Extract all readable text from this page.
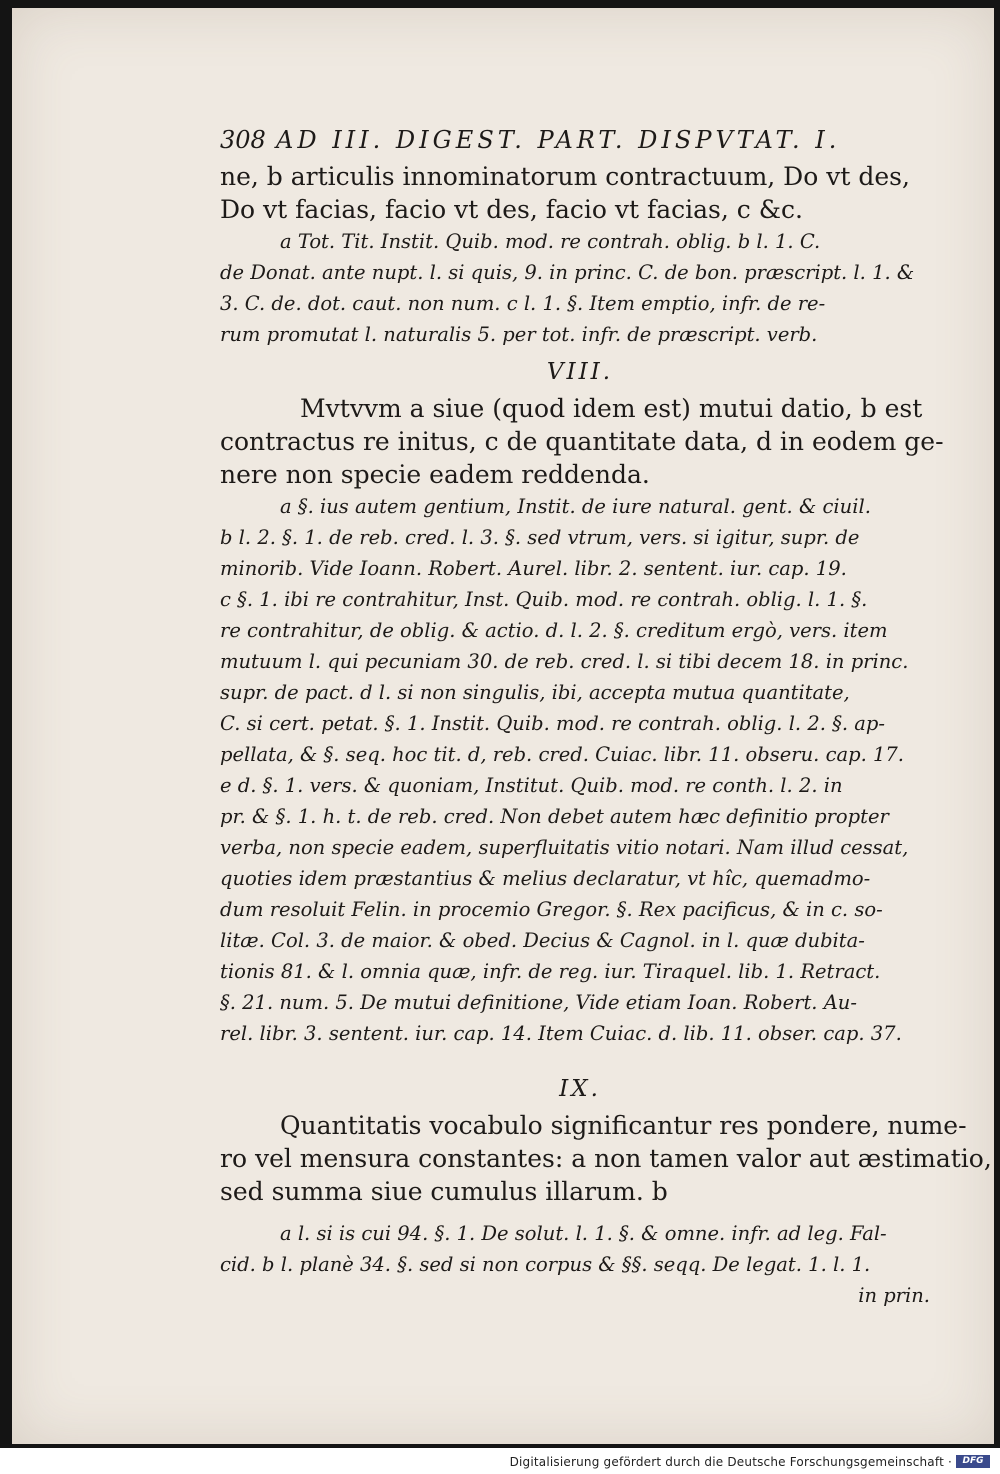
308 AD III. DIGEST. PART. DISPVTAT. I.
ne, b articulis innominatorum contractuum, Do vt des,
Do vt facias, facio vt des, facio vt facias, c &c.
a Tot. Tit. Instit. Quib. mod. re contrah. oblig. b l. 1. C.
de Donat. ante nupt. l. si quis, 9. in princ. C. de bon. præscript. l. 1. &
3. C. de. dot. caut. non num. c l. 1. §. Item emptio, infr. de re-
rum promutat l. naturalis 5. per tot. infr. de præscript. verb.
VIII.
Mvtvvm a siue (quod idem est) mutui datio, b est
contractus re initus, c de quantitate data, d in eodem ge-
nere non specie eadem reddenda.
a §. ius autem gentium, Instit. de iure natural. gent. & ciuil.
b l. 2. §. 1. de reb. cred. l. 3. §. sed vtrum, vers. si igitur, supr. de
minorib. Vide Ioann. Robert. Aurel. libr. 2. sentent. iur. cap. 19.
c §. 1. ibi re contrahitur, Inst. Quib. mod. re contrah. oblig. l. 1. §.
re contrahitur, de oblig. & actio. d. l. 2. §. creditum ergò, vers. item
mutuum l. qui pecuniam 30. de reb. cred. l. si tibi decem 18. in princ.
supr. de pact. d l. si non singulis, ibi, accepta mutua quantitate,
C. si cert. petat. §. 1. Instit. Quib. mod. re contrah. oblig. l. 2. §. ap-
pellata, & §. seq. hoc tit. d, reb. cred. Cuiac. libr. 11. obseru. cap. 17.
e d. §. 1. vers. & quoniam, Institut. Quib. mod. re conth. l. 2. in
pr. & §. 1. h. t. de reb. cred. Non debet autem hæc definitio propter
verba, non specie eadem, superfluitatis vitio notari. Nam illud cessat,
quoties idem præstantius & melius declaratur, vt hîc, quemadmo-
dum resoluit Felin. in procemio Gregor. §. Rex pacificus, & in c. so-
litæ. Col. 3. de maior. & obed. Decius & Cagnol. in l. quæ dubita-
tionis 81. & l. omnia quæ, infr. de reg. iur. Tiraquel. lib. 1. Retract.
§. 21. num. 5. De mutui definitione, Vide etiam Ioan. Robert. Au-
rel. libr. 3. sentent. iur. cap. 14. Item Cuiac. d. lib. 11. obser. cap. 37.
IX.
Quantitatis vocabulo significantur res pondere, nume-
ro vel mensura constantes: a non tamen valor aut æstimatio,
sed summa siue cumulus illarum. b
a l. si is cui 94. §. 1. De solut. l. 1. §. & omne. infr. ad leg. Fal-
cid. b l. planè 34. §. sed si non corpus & §§. seqq. De legat. 1. l. 1.
in prin.
Digitalisierung gefördert durch die Deutsche Forschungsgemeinschaft ·	DFG
